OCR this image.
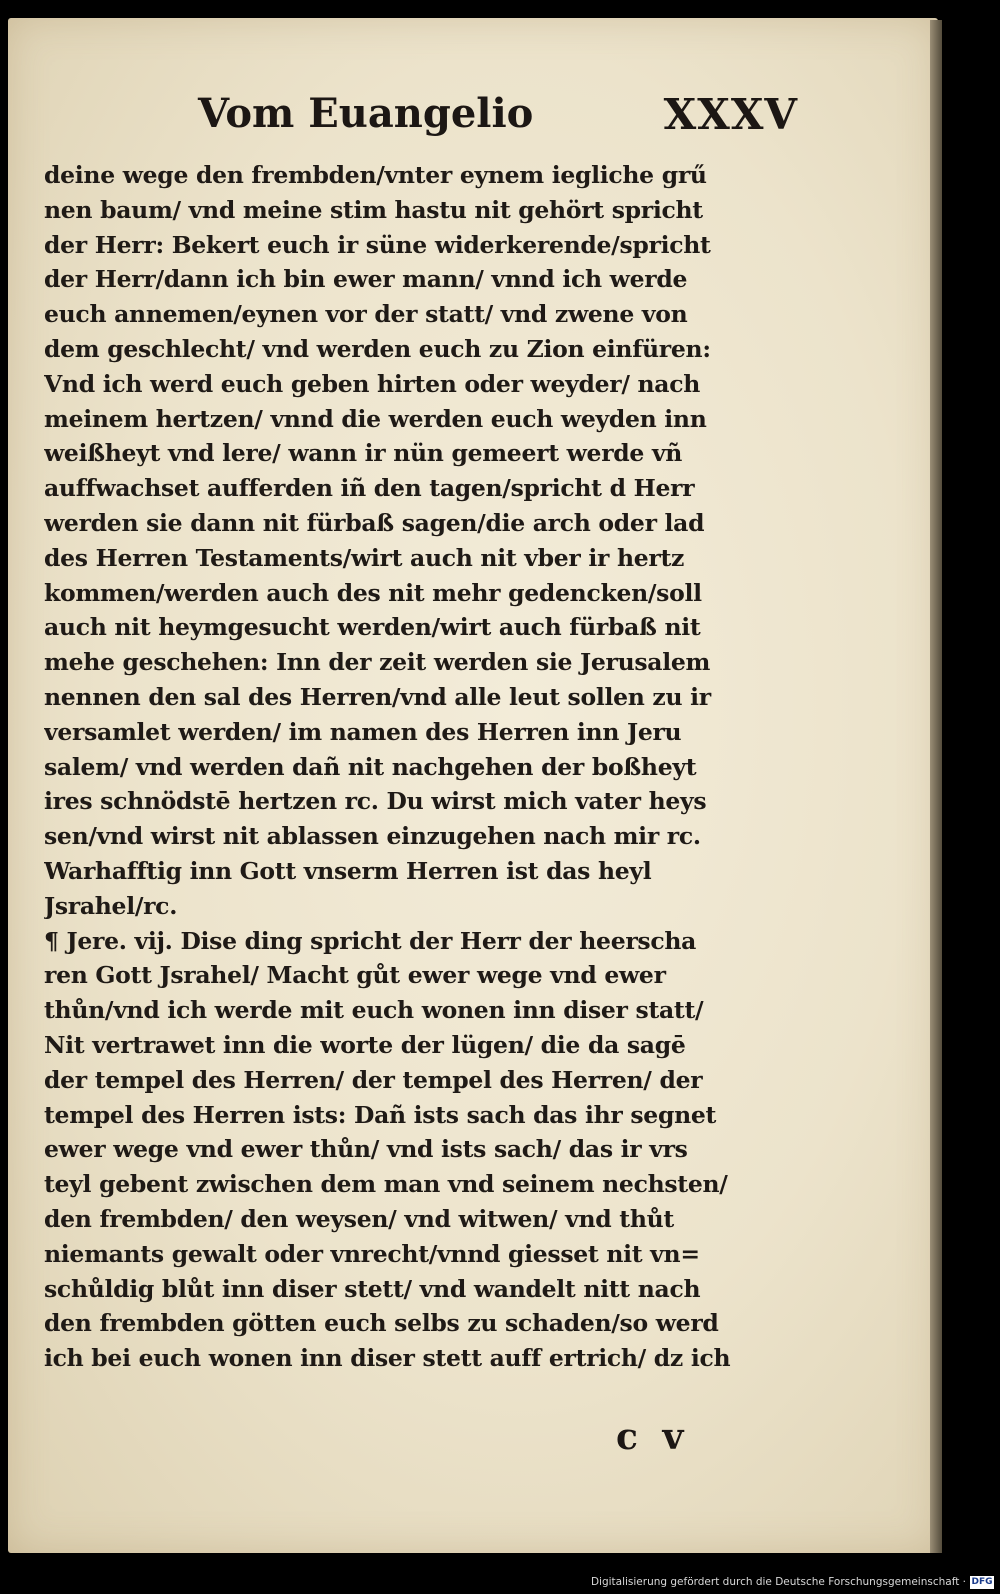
Vom Euangelio	XXXV
deine wege den frembden/vnter eynem iegliche grű
nen baum/ vnd meine stim hastu nit gehört spricht
der Herr: Bekert euch ir süne widerkerende/spricht
der Herr/dann ich bin ewer mann/ vnnd ich werde
euch annemen/eynen vor der statt/ vnd zwene von
dem geschlecht/ vnd werden euch zu Zion einfüren:
Vnd ich werd euch geben hirten oder weyder/ nach
meinem hertzen/ vnnd die werden euch weyden inn
weißheyt vnd lere/ wann ir nün gemeert werde vñ
auffwachset aufferden iñ den tagen/spricht d Herr
werden sie dann nit fürbaß sagen/die arch oder lad
des Herren Testaments/wirt auch nit vber ir hertz
kommen/werden auch des nit mehr gedencken/soll
auch nit heymgesucht werden/wirt auch fürbaß nit
mehe geschehen: Inn der zeit werden sie Jerusalem
nennen den sal des Herren/vnd alle leut sollen zu ir
versamlet werden/ im namen des Herren inn Jeru
salem/ vnd werden dañ nit nachgehen der boßheyt
ires schnödstē hertzen rc. Du wirst mich vater heys
sen/vnd wirst nit ablassen einzugehen nach mir rc.
Warhafftig inn Gott vnserm Herren ist das heyl
Jsrahel/rc.
¶ Jere. vij. Dise ding spricht der Herr der heerscha
ren Gott Jsrahel/ Macht gůt ewer wege vnd ewer
thůn/vnd ich werde mit euch wonen inn diser statt/
Nit vertrawet inn die worte der lügen/ die da sagē
der tempel des Herren/ der tempel des Herren/ der
tempel des Herren ists: Dañ ists sach das ihr segnet
ewer wege vnd ewer thůn/ vnd ists sach/ das ir vrs
teyl gebent zwischen dem man vnd seinem nechsten/
den frembden/ den weysen/ vnd witwen/ vnd thůt
niemants gewalt oder vnrecht/vnnd giesset nit vn=
schůldig blůt inn diser stett/ vnd wandelt nitt nach
den frembden götten euch selbs zu schaden/so werd
ich bei euch wonen inn diser stett auff ertrich/ dz ich
c v
Digitalisierung gefördert durch die Deutsche Forschungsgemeinschaft · DFG
